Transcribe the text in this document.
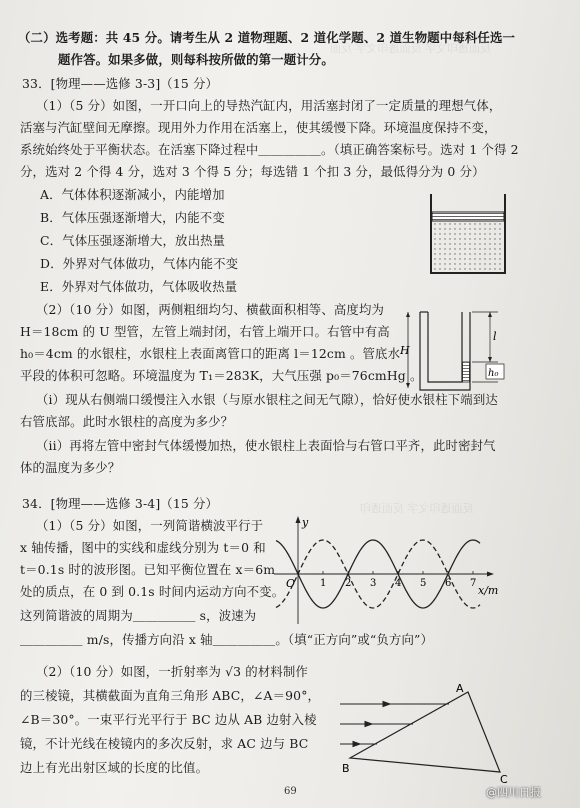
反面透印文字 反面透印文字 反面
反面透印文字 反面透印
（二）选考题：共 45 分。请考生从 2 道物理题、2 道化学题、2 道生物题中每科任选一
题作答。如果多做，则每科按所做的第一题计分。
33．[物理——选修 3-3]（15 分）
（1）（5 分）如图，一开口向上的导热汽缸内，用活塞封闭了一定质量的理想气体，
活塞与汽缸壁间无摩擦。现用外力作用在活塞上，使其缓慢下降。环境温度保持不变，
系统始终处于平衡状态。在活塞下降过程中＿＿＿＿＿。（填正确答案标号。选对 1 个得 2
分，选对 2 个得 4 分，选对 3 个得 5 分；每选错 1 个扣 3 分，最低得分为 0 分）
A．气体体积逐渐减小，内能增加
B．气体压强逐渐增大，内能不变
C．气体压强逐渐增大，放出热量
D．外界对气体做功，气体内能不变
E．外界对气体做功，气体吸收热量
（2）（10 分）如图，两侧粗细均匀、横截面积相等、高度均为
H＝18cm 的 U 型管，左管上端封闭，右管上端开口。右管中有高
h₀＝4cm 的水银柱，水银柱上表面离管口的距离 l＝12cm 。管底水
平段的体积可忽略。环境温度为 T₁＝283K，大气压强 p₀＝76cmHg 。
（i）现从右侧端口缓慢注入水银（与原水银柱之间无气隙），恰好使水银柱下端到达
右管底部。此时水银柱的高度为多少？
（ii）再将左管中密封气体缓慢加热，使水银柱上表面恰与右管口平齐，此时密封气
体的温度为多少？
H
l
h₀
34．[物理——选修 3-4]（15 分）
（1）（5 分）如图，一列简谐横波平行于
x 轴传播，图中的实线和虚线分别为 t＝0 和
t＝0.1s 时的波形图。已知平衡位置在 x＝6m
处的质点，在 0 到 0.1s 时间内运动方向不变。
这列简谐波的周期为＿＿＿＿＿ s，波速为
＿＿＿＿＿ m/s，传播方向沿 x 轴＿＿＿＿＿。（填“正方向”或“负方向”）
y
x/m
O 1 2 3 4 5 6 7
（2）（10 分）如图，一折射率为 √3 的材料制作
的三棱镜，其横截面为直角三角形 ABC，∠A＝90°，
∠B＝30°。一束平行光平行于 BC 边从 AB 边射入棱
镜，不计光线在棱镜内的多次反射，求 AC 边与 BC
边上有光出射区域的长度的比值。
A
B
C
69	@四川日报
